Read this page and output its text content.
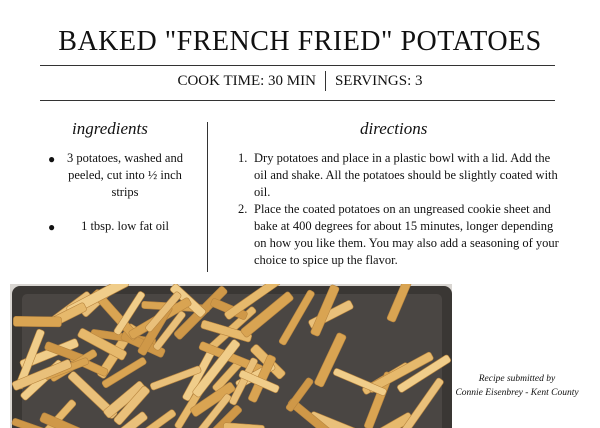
BAKED "FRENCH FRIED" POTATOES
COOK TIME: 30 MIN SERVINGS: 3
ingredients	directions
● 3 potatoes, washed and peeled, cut into ½ inch strips
● 1 tbsp. low fat oil
1. Dry potatoes and place in a plastic bowl with a lid. Add the oil and shake. All the potatoes should be slightly coated with oil.
2. Place the coated potatoes on an ungreased cookie sheet and bake at 400 degrees for about 15 minutes, longer depending on how you like them. You may also add a seasoning of your choice to spice up the flavor.
Recipe submitted by
Connie Eisenbrey - Kent County
